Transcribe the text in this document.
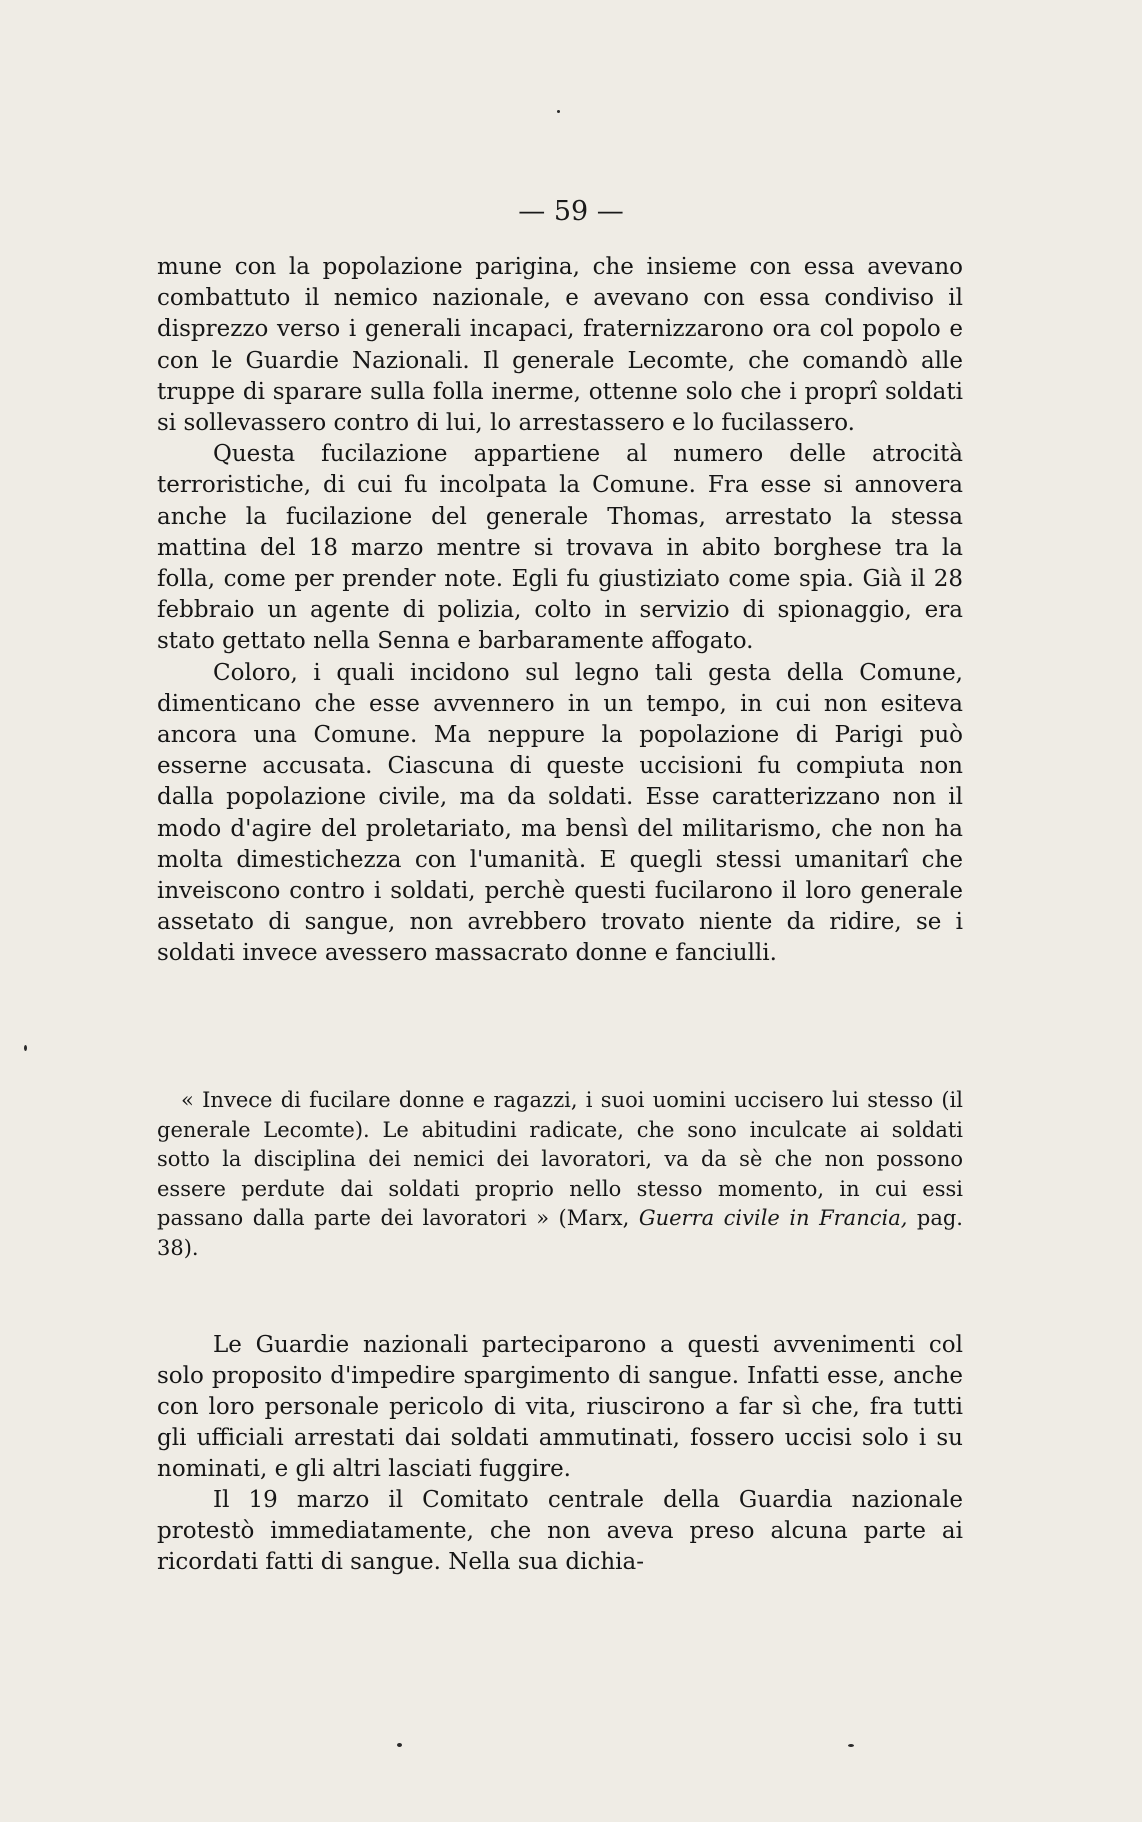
— 59 —

mune con la popolazione parigina, che insieme con essa avevano combattuto il nemico nazionale, e avevano con essa condiviso il disprezzo verso i generali incapaci, fraternizzarono ora col popolo e con le Guardie Nazionali. Il generale Lecomte, che comandò alle truppe di sparare sulla folla inerme, ottenne solo che i proprî soldati si sollevassero contro di lui, lo arrestassero e lo fucilassero.

Questa fucilazione appartiene al numero delle atrocità terroristiche, di cui fu incolpata la Comune. Fra esse si annovera anche la fucilazione del generale Thomas, arrestato la stessa mattina del 18 marzo mentre si trovava in abito borghese tra la folla, come per prender note. Egli fu giustiziato come spia. Già il 28 febbraio un agente di polizia, colto in servizio di spionaggio, era stato gettato nella Senna e barbaramente affogato.

Coloro, i quali incidono sul legno tali gesta della Comune, dimenticano che esse avvennero in un tempo, in cui non esiteva ancora una Comune. Ma neppure la popolazione di Parigi può esserne accusata. Ciascuna di queste uccisioni fu compiuta non dalla popolazione civile, ma da soldati. Esse caratterizzano non il modo d'agire del proletariato, ma bensì del militarismo, che non ha molta dimestichezza con l'umanità. E quegli stessi umanitarî che inveiscono contro i soldati, perchè questi fucilarono il loro generale assetato di sangue, non avrebbero trovato niente da ridire, se i soldati invece avessero massacrato donne e fanciulli.

« Invece di fucilare donne e ragazzi, i suoi uomini uccisero lui stesso (il generale Lecomte). Le abitudini radicate, che sono inculcate ai soldati sotto la disciplina dei nemici dei lavoratori, va da sè che non possono essere perdute dai soldati proprio nello stesso momento, in cui essi passano dalla parte dei lavoratori » (Marx, Guerra civile in Francia, pag. 38).

Le Guardie nazionali parteciparono a questi avvenimenti col solo proposito d'impedire spargimento di sangue. Infatti esse, anche con loro personale pericolo di vita, riuscirono a far sì che, fra tutti gli ufficiali arrestati dai soldati ammutinati, fossero uccisi solo i su nominati, e gli altri lasciati fuggire.

Il 19 marzo il Comitato centrale della Guardia nazionale protestò immediatamente, che non aveva preso alcuna parte ai ricordati fatti di sangue. Nella sua dichia-
